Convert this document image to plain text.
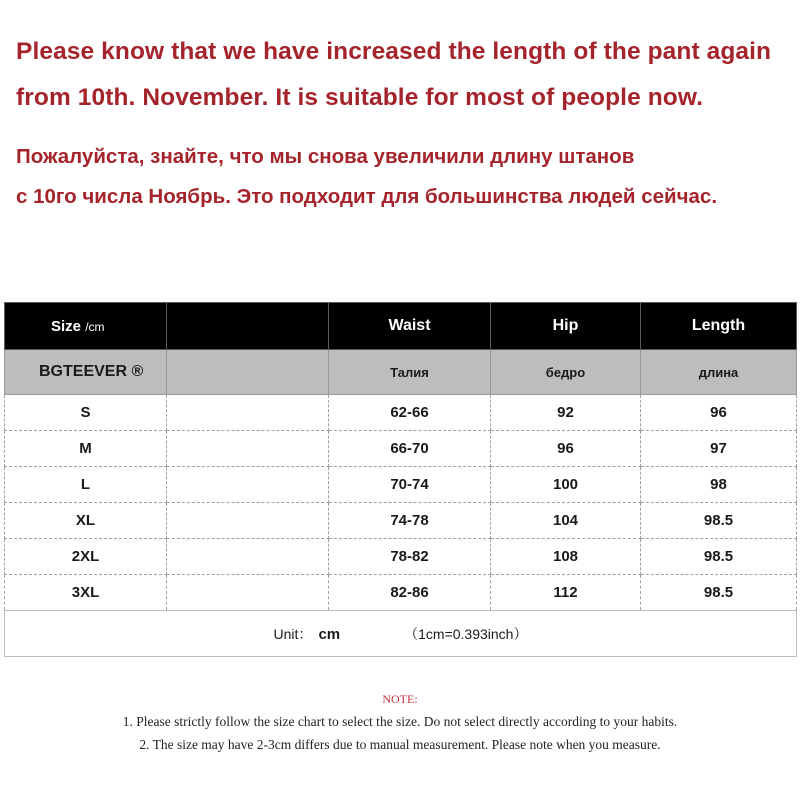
Please know that we have increased the length of the pant again
from 10th. November. It is suitable for most of people now.
Пожалуйста, знайте, что мы снова увеличили длину штанов
с 10го числа Ноябрь. Это подходит для большинства людей сейчас.
Size /cm		Waist	Hip	Length
BGTEEVER ®		Талия	бедро	длина
S		62-66	92	96
M		66-70	96	97
L		70-74	100	98
XL		74-78	104	98.5
2XL		78-82	108	98.5
3XL		82-86	112	98.5
Unit： cm （1cm=0.393inch）				
NOTE:
1. Please strictly follow the size chart to select the size. Do not select directly according to your habits.
2. The size may have 2-3cm differs due to manual measurement. Please note when you measure.
